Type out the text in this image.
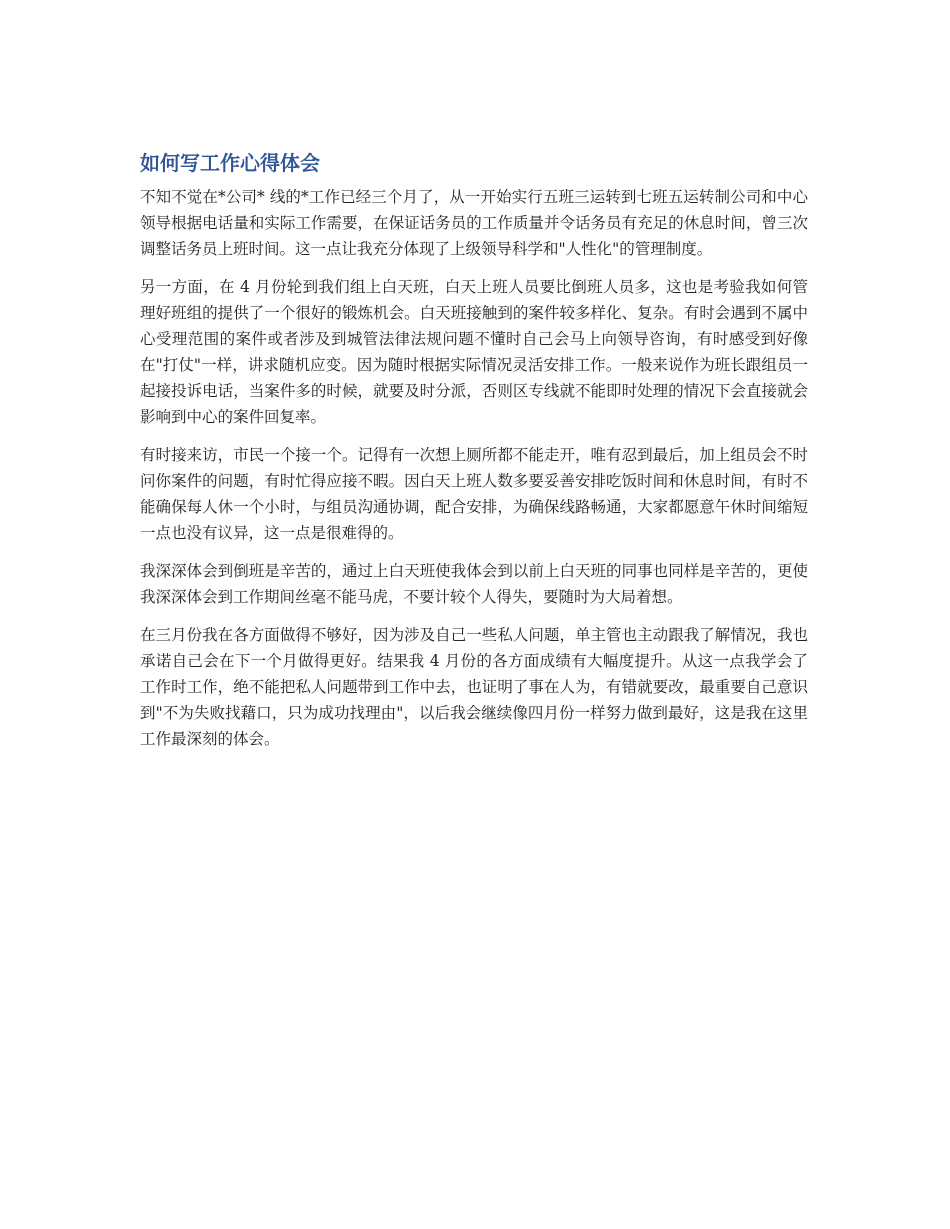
如何写工作心得体会

不知不觉在*公司* 线的*工作已经三个月了，从一开始实行五班三运转到七班五运转制公司和中心领导根据电话量和实际工作需要，在保证话务员的工作质量并令话务员有充足的休息时间，曾三次调整话务员上班时间。这一点让我充分体现了上级领导科学和"人性化"的管理制度。

另一方面，在 4 月份轮到我们组上白天班，白天上班人员要比倒班人员多，这也是考验我如何管理好班组的提供了一个很好的锻炼机会。白天班接触到的案件较多样化、复杂。有时会遇到不属中心受理范围的案件或者涉及到城管法律法规问题不懂时自己会马上向领导咨询，有时感受到好像在"打仗"一样，讲求随机应变。因为随时根据实际情况灵活安排工作。一般来说作为班长跟组员一起接投诉电话，当案件多的时候，就要及时分派，否则区专线就不能即时处理的情况下会直接就会影响到中心的案件回复率。

有时接来访，市民一个接一个。记得有一次想上厕所都不能走开，唯有忍到最后，加上组员会不时问你案件的问题，有时忙得应接不暇。因白天上班人数多要妥善安排吃饭时间和休息时间，有时不能确保每人休一个小时，与组员沟通协调，配合安排，为确保线路畅通，大家都愿意午休时间缩短一点也没有议异，这一点是很难得的。

我深深体会到倒班是辛苦的，通过上白天班使我体会到以前上白天班的同事也同样是辛苦的，更使我深深体会到工作期间丝毫不能马虎，不要计较个人得失，要随时为大局着想。

在三月份我在各方面做得不够好，因为涉及自己一些私人问题，单主管也主动跟我了解情况，我也承诺自己会在下一个月做得更好。结果我 4 月份的各方面成绩有大幅度提升。从这一点我学会了工作时工作，绝不能把私人问题带到工作中去，也证明了事在人为，有错就要改，最重要自己意识到"不为失败找藉口，只为成功找理由"，以后我会继续像四月份一样努力做到最好，这是我在这里工作最深刻的体会。
